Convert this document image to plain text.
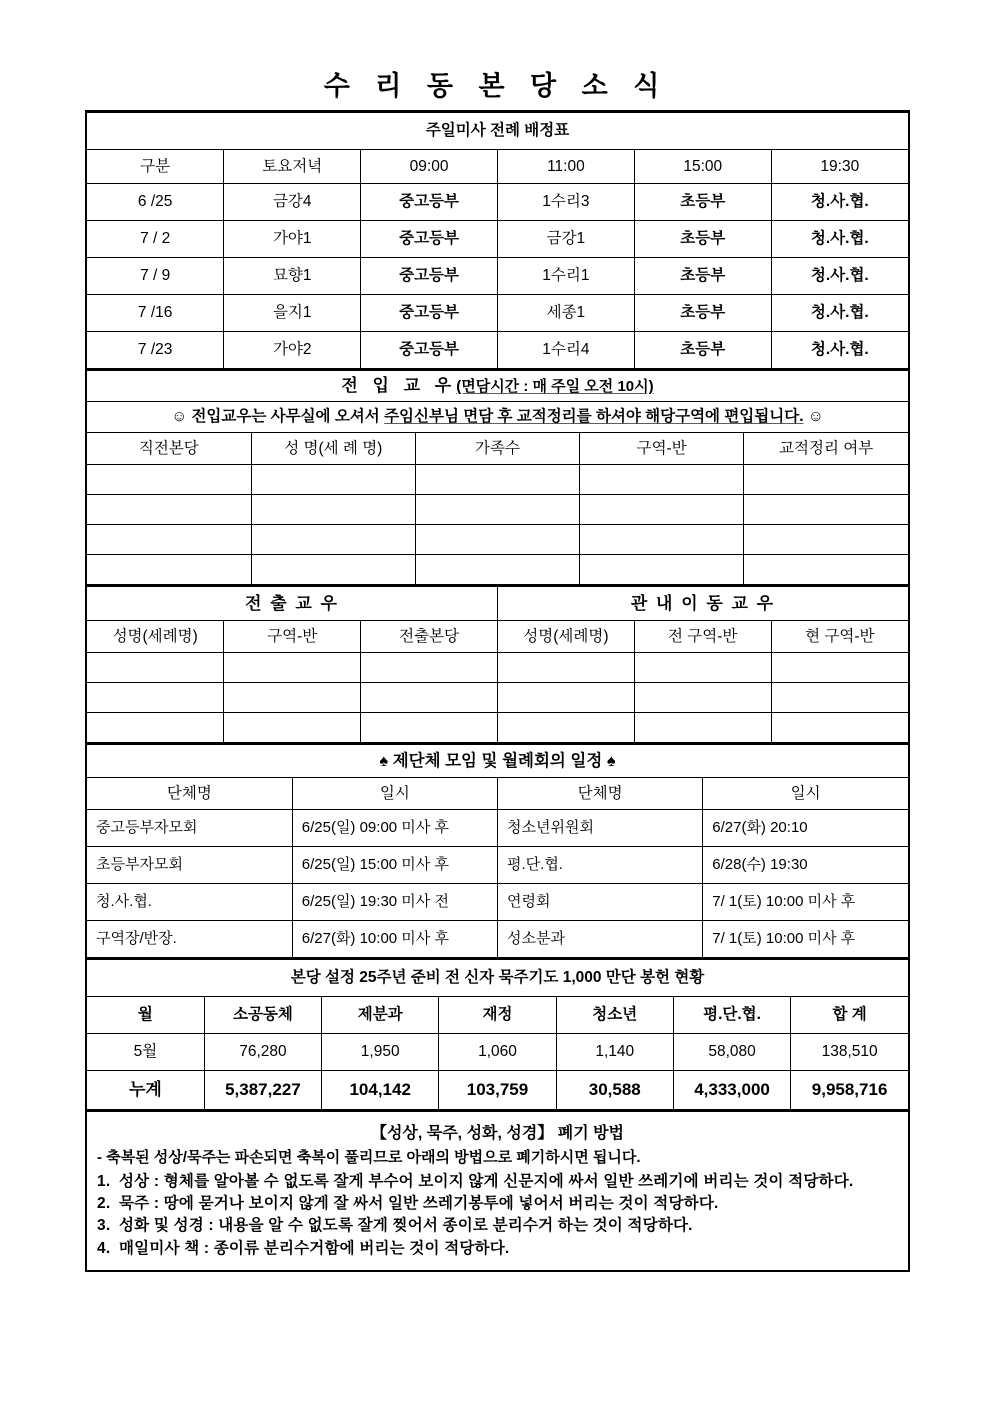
수 리 동 본 당 소 식
주일미사 전례 배정표					
구분	토요저녁	09:00	11:00	15:00	19:30
6 /25	금강4	중고등부	1수리3	초등부	청.사.협.
7 / 2	가야1	중고등부	금강1	초등부	청.사.협.
7 / 9	묘향1	중고등부	1수리1	초등부	청.사.협.
7 /16	을지1	중고등부	세종1	초등부	청.사.협.
7 /23	가야2	중고등부	1수리4	초등부	청.사.협.
전 입 교 우(면담시간 : 매 주일 오전 10시)				
☺ 전입교우는 사무실에 오셔서 주임신부님 면담 후 교적정리를 하셔야 해당구역에 편입됩니다. ☺				
직전본당	성 명(세 례 명)	가족수	구역-반	교적정리 여부

전 출 교 우			관 내 이 동 교 우		
성명(세례명)	구역-반	전출본당	성명(세례명)	전 구역-반	현 구역-반

♠ 제단체 모임 및 월례회의 일정 ♠			
단체명	일시	단체명	일시
중고등부자모회	6/25(일) 09:00 미사 후	청소년위원회	6/27(화) 20:10
초등부자모회	6/25(일) 15:00 미사 후	평.단.협.	6/28(수) 19:30
청.사.협.	6/25(일) 19:30 미사 전	연령회	7/ 1(토) 10:00 미사 후
구역장/반장.	6/27(화) 10:00 미사 후	성소분과	7/ 1(토) 10:00 미사 후
본당 설정 25주년 준비 전 신자 묵주기도 1,000 만단 봉헌 현황						
월	소공동체	제분과	재정	청소년	평.단.협.	합 계
5월	76,280	1,950	1,060	1,140	58,080	138,510
누계	5,387,227	104,142	103,759	30,588	4,333,000	9,958,716
【성상, 묵주, 성화, 성경】 폐기 방법

- 축복된 성상/묵주는 파손되면 축복이 풀리므로 아래의 방법으로 폐기하시면 됩니다.

1. 성상 : 형체를 알아볼 수 없도록 잘게 부수어 보이지 않게 신문지에 싸서 일반 쓰레기에 버리는 것이 적당하다.
2. 묵주 : 땅에 묻거나 보이지 않게 잘 싸서 일반 쓰레기봉투에 넣어서 버리는 것이 적당하다.
3. 성화 및 성경 : 내용을 알 수 없도록 잘게 찢어서 종이로 분리수거 하는 것이 적당하다.
4. 매일미사 책 : 종이류 분리수거함에 버리는 것이 적당하다.
